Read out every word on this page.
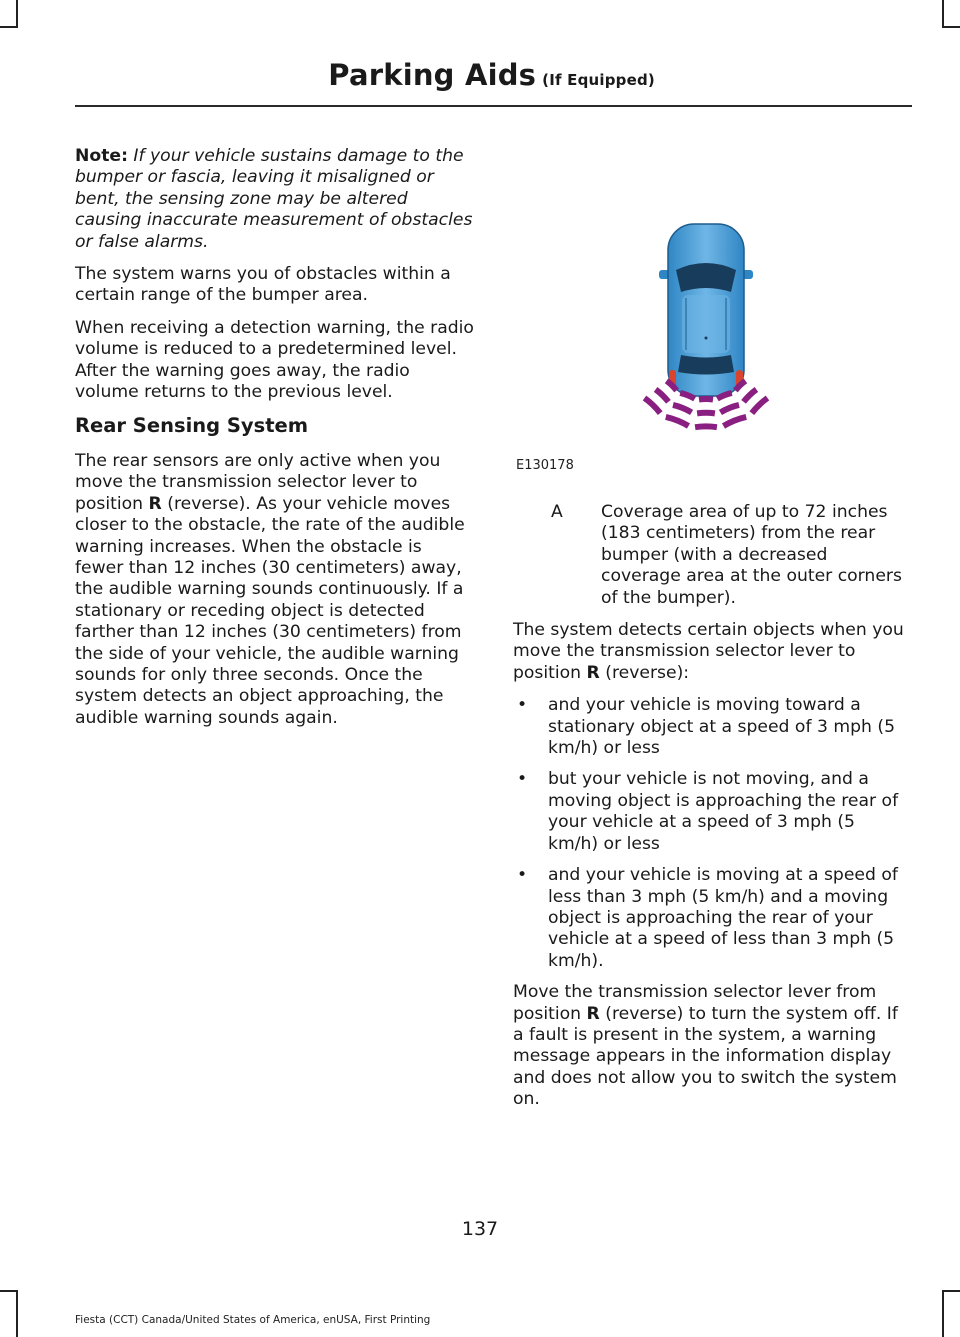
Parking Aids (If Equipped)

Note: If your vehicle sustains damage to the bumper or fascia, leaving it misaligned or bent, the sensing zone may be altered causing inaccurate measurement of obstacles or false alarms.

The system warns you of obstacles within a certain range of the bumper area.

When receiving a detection warning, the radio volume is reduced to a predetermined level. After the warning goes away, the radio volume returns to the previous level.

Rear Sensing System

The rear sensors are only active when you move the transmission selector lever to position R (reverse). As your vehicle moves closer to the obstacle, the rate of the audible warning increases. When the obstacle is fewer than 12 inches (30 centimeters) away, the audible warning sounds continuously. If a stationary or receding object is detected farther than 12 inches (30 centimeters) from the side of your vehicle, the audible warning sounds for only three seconds. Once the system detects an object approaching, the audible warning sounds again.

E130178
A Coverage area of up to 72 inches (183 centimeters) from the rear bumper (with a decreased coverage area at the outer corners of the bumper).

The system detects certain objects when you move the transmission selector lever to position R (reverse):

• and your vehicle is moving toward a stationary object at a speed of 3 mph (5 km/h) or less
• but your vehicle is not moving, and a moving object is approaching the rear of your vehicle at a speed of 3 mph (5 km/h) or less
• and your vehicle is moving at a speed of less than 3 mph (5 km/h) and a moving object is approaching the rear of your vehicle at a speed of less than 3 mph (5 km/h).

Move the transmission selector lever from position R (reverse) to turn the system off. If a fault is present in the system, a warning message appears in the information display and does not allow you to switch the system on.

137
Fiesta (CCT) Canada/United States of America, enUSA, First Printing
